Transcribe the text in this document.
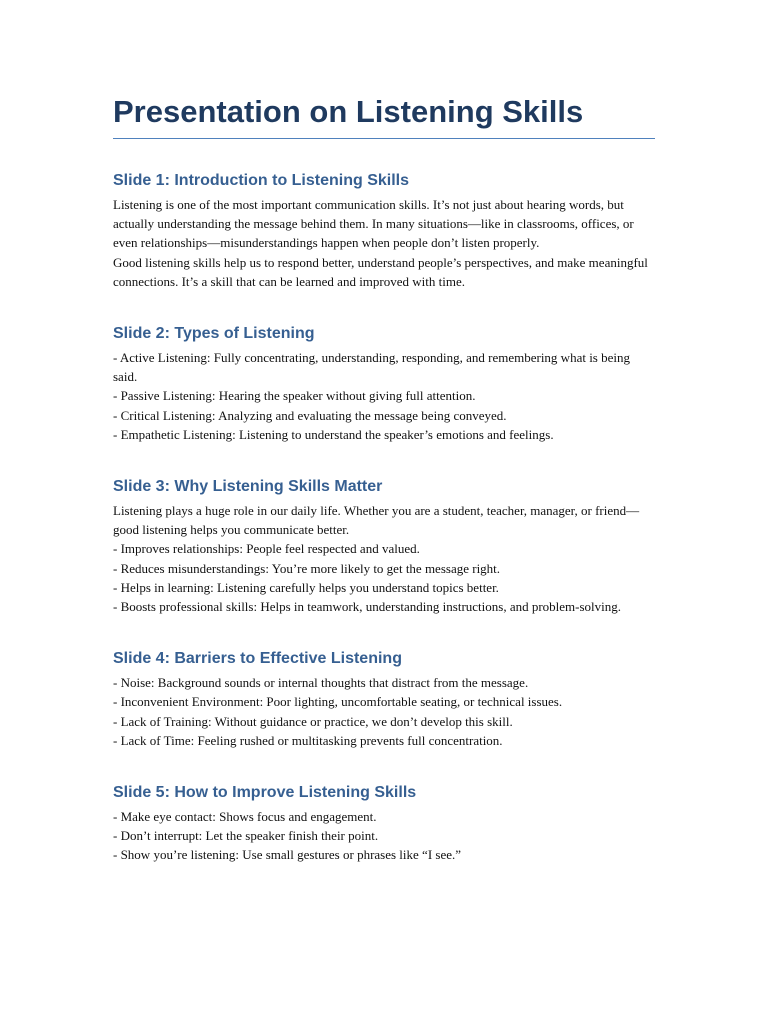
Presentation on Listening Skills
Slide 1: Introduction to Listening Skills

Listening is one of the most important communication skills. It’s not just about hearing words, but actually understanding the message behind them. In many situations—like in classrooms, offices, or even relationships—misunderstandings happen when people don’t listen properly.

Good listening skills help us to respond better, understand people’s perspectives, and make meaningful connections. It’s a skill that can be learned and improved with time.

Slide 2: Types of Listening

- Active Listening: Fully concentrating, understanding, responding, and remembering what is being said.

- Passive Listening: Hearing the speaker without giving full attention.

- Critical Listening: Analyzing and evaluating the message being conveyed.

- Empathetic Listening: Listening to understand the speaker’s emotions and feelings.

Slide 3: Why Listening Skills Matter

Listening plays a huge role in our daily life. Whether you are a student, teacher, manager, or friend—good listening helps you communicate better.

- Improves relationships: People feel respected and valued.

- Reduces misunderstandings: You’re more likely to get the message right.

- Helps in learning: Listening carefully helps you understand topics better.

- Boosts professional skills: Helps in teamwork, understanding instructions, and problem-solving.

Slide 4: Barriers to Effective Listening

- Noise: Background sounds or internal thoughts that distract from the message.

- Inconvenient Environment: Poor lighting, uncomfortable seating, or technical issues.

- Lack of Training: Without guidance or practice, we don’t develop this skill.

- Lack of Time: Feeling rushed or multitasking prevents full concentration.

Slide 5: How to Improve Listening Skills

- Make eye contact: Shows focus and engagement.

- Don’t interrupt: Let the speaker finish their point.

- Show you’re listening: Use small gestures or phrases like “I see.”
